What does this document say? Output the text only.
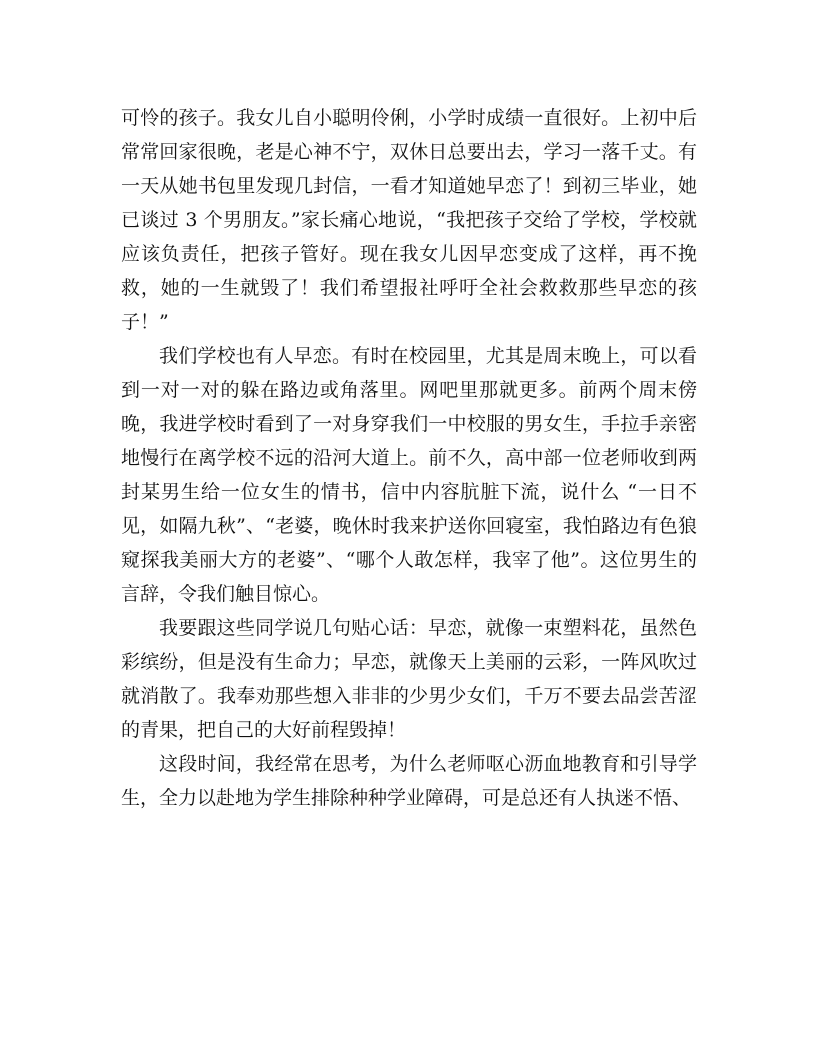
可怜的孩子。我女儿自小聪明伶俐，小学时成绩一直很好。上初中后常常回家很晚，老是心神不宁，双休日总要出去，学习一落千丈。有一天从她书包里发现几封信，一看才知道她早恋了！到初三毕业，她已谈过 3 个男朋友。”家长痛心地说，“我把孩子交给了学校，学校就应该负责任，把孩子管好。现在我女儿因早恋变成了这样，再不挽救，她的一生就毁了！我们希望报社呼吁全社会救救那些早恋的孩子！”

我们学校也有人早恋。有时在校园里，尤其是周末晚上，可以看到一对一对的躲在路边或角落里。网吧里那就更多。前两个周末傍晚，我进学校时看到了一对身穿我们一中校服的男女生，手拉手亲密地慢行在离学校不远的沿河大道上。前不久，高中部一位老师收到两封某男生给一位女生的情书，信中内容肮脏下流，说什么 “一日不见，如隔九秋”、“老婆，晚休时我来护送你回寝室，我怕路边有色狼窥探我美丽大方的老婆”、“哪个人敢怎样，我宰了他”。这位男生的言辞，令我们触目惊心。

我要跟这些同学说几句贴心话：早恋，就像一束塑料花，虽然色彩缤纷，但是没有生命力；早恋，就像天上美丽的云彩，一阵风吹过就消散了。我奉劝那些想入非非的少男少女们，千万不要去品尝苦涩的青果，把自己的大好前程毁掉！

这段时间，我经常在思考，为什么老师呕心沥血地教育和引导学生，全力以赴地为学生排除种种学业障碍，可是总还有人执迷不悟、
